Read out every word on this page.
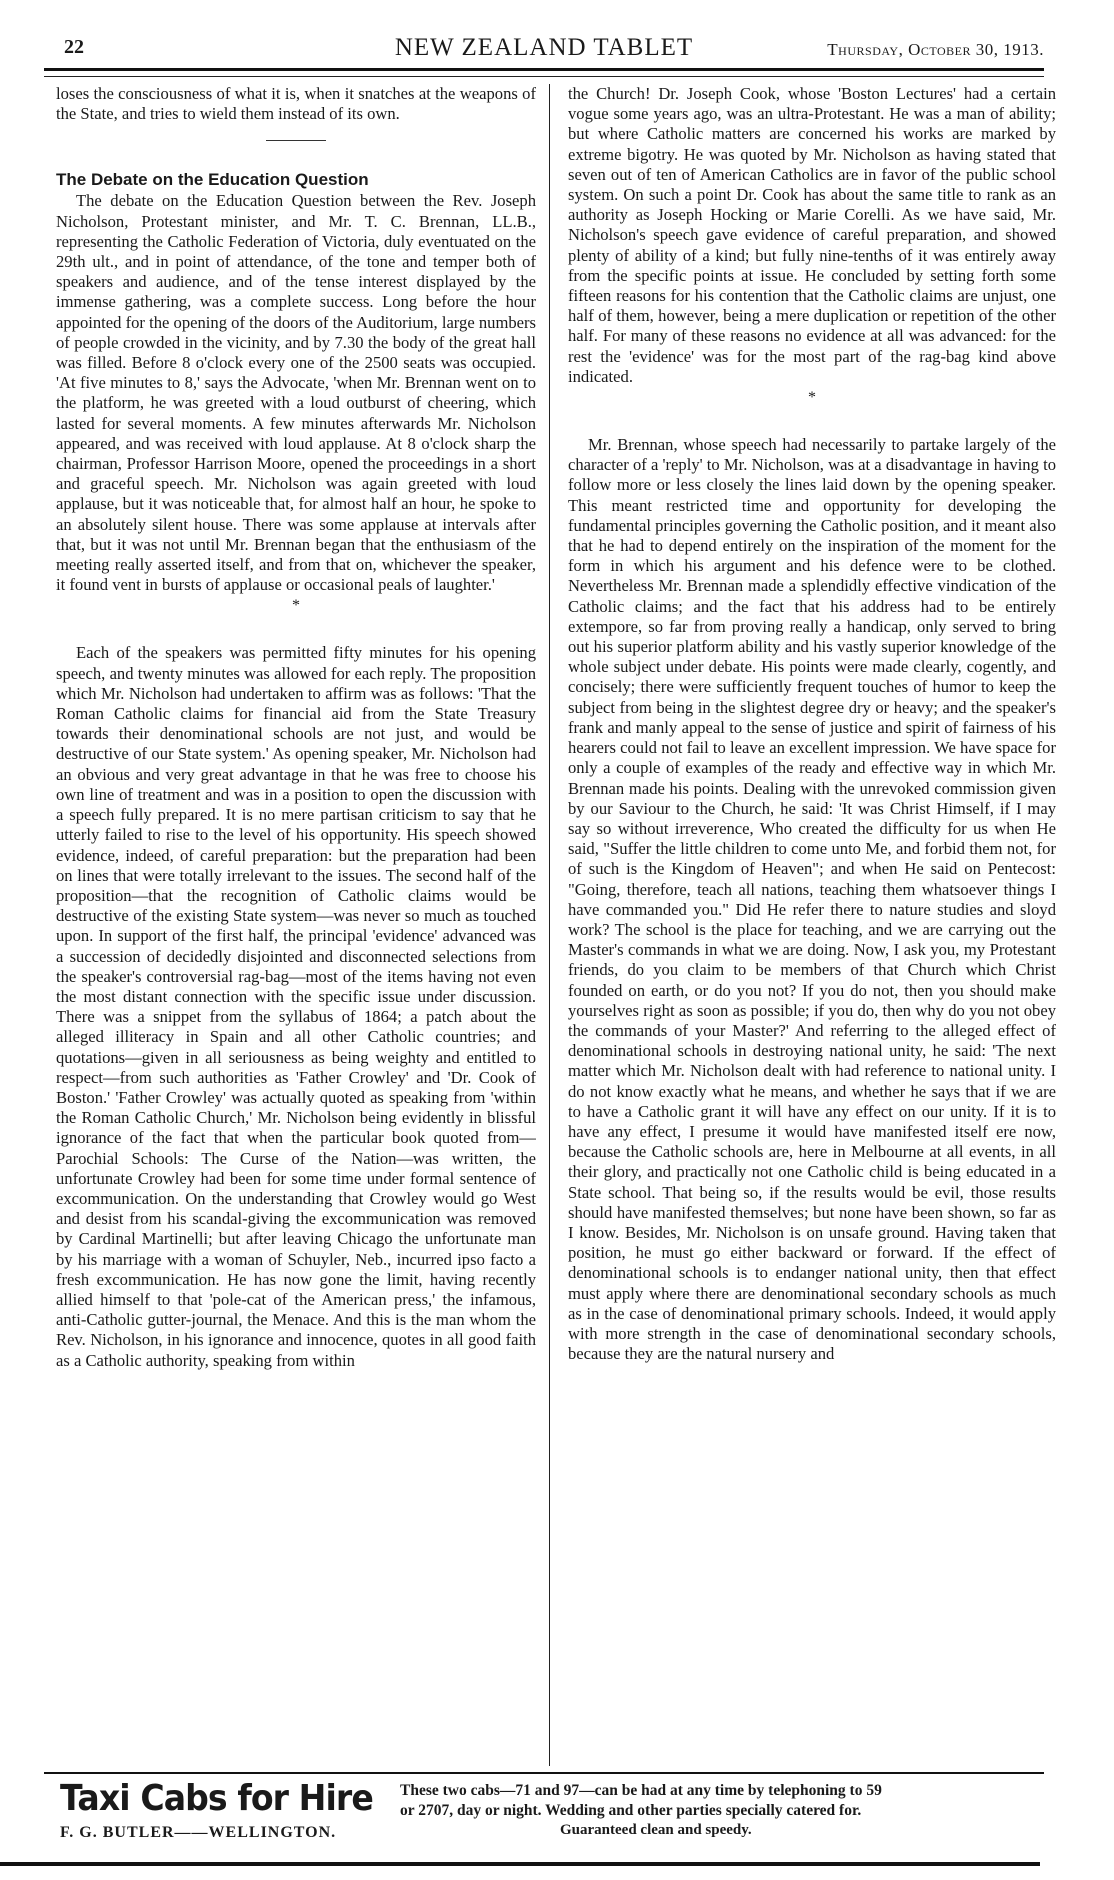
22	NEW ZEALAND TABLET	Thursday, October 30, 1913.

loses the consciousness of what it is, when it snatches at the weapons of the State, and tries to wield them instead of its own.

The Debate on the Education Question

The debate on the Education Question between the Rev. Joseph Nicholson, Protestant minister, and Mr. T. C. Brennan, LL.B., representing the Catholic Federation of Victoria, duly eventuated on the 29th ult., and in point of attendance, of the tone and temper both of speakers and audience, and of the tense interest displayed by the immense gathering, was a complete success. Long before the hour appointed for the opening of the doors of the Auditorium, large numbers of people crowded in the vicinity, and by 7.30 the body of the great hall was filled. Before 8 o'clock every one of the 2500 seats was occupied. 'At five minutes to 8,' says the Advocate, 'when Mr. Brennan went on to the platform, he was greeted with a loud outburst of cheering, which lasted for several moments. A few minutes afterwards Mr. Nicholson appeared, and was received with loud applause. At 8 o'clock sharp the chairman, Professor Harrison Moore, opened the proceedings in a short and graceful speech. Mr. Nicholson was again greeted with loud applause, but it was noticeable that, for almost half an hour, he spoke to an absolutely silent house. There was some applause at intervals after that, but it was not until Mr. Brennan began that the enthusiasm of the meeting really asserted itself, and from that on, whichever the speaker, it found vent in bursts of applause or occasional peals of laughter.'

*

Each of the speakers was permitted fifty minutes for his opening speech, and twenty minutes was allowed for each reply. The proposition which Mr. Nicholson had undertaken to affirm was as follows: 'That the Roman Catholic claims for financial aid from the State Treasury towards their denominational schools are not just, and would be destructive of our State system.' As opening speaker, Mr. Nicholson had an obvious and very great advantage in that he was free to choose his own line of treatment and was in a position to open the discussion with a speech fully prepared. It is no mere partisan criticism to say that he utterly failed to rise to the level of his opportunity. His speech showed evidence, indeed, of careful preparation: but the preparation had been on lines that were totally irrelevant to the issues. The second half of the proposition—that the recognition of Catholic claims would be destructive of the existing State system—was never so much as touched upon. In support of the first half, the principal 'evidence' advanced was a succession of decidedly disjointed and disconnected selections from the speaker's controversial rag-bag—most of the items having not even the most distant connection with the specific issue under discussion. There was a snippet from the syllabus of 1864; a patch about the alleged illiteracy in Spain and all other Catholic countries; and quotations—given in all seriousness as being weighty and entitled to respect—from such authorities as 'Father Crowley' and 'Dr. Cook of Boston.' 'Father Crowley' was actually quoted as speaking from 'within the Roman Catholic Church,' Mr. Nicholson being evidently in blissful ignorance of the fact that when the particular book quoted from—Parochial Schools: The Curse of the Nation—was written, the unfortunate Crowley had been for some time under formal sentence of excommunication. On the understanding that Crowley would go West and desist from his scandal-giving the excommunication was removed by Cardinal Martinelli; but after leaving Chicago the unfortunate man by his marriage with a woman of Schuyler, Neb., incurred ipso facto a fresh excommunication. He has now gone the limit, having recently allied himself to that 'pole-cat of the American press,' the infamous, anti-Catholic gutter-journal, the Menace. And this is the man whom the Rev. Nicholson, in his ignorance and innocence, quotes in all good faith as a Catholic authority, speaking from within

the Church! Dr. Joseph Cook, whose 'Boston Lectures' had a certain vogue some years ago, was an ultra-Protestant. He was a man of ability; but where Catholic matters are concerned his works are marked by extreme bigotry. He was quoted by Mr. Nicholson as having stated that seven out of ten of American Catholics are in favor of the public school system. On such a point Dr. Cook has about the same title to rank as an authority as Joseph Hocking or Marie Corelli. As we have said, Mr. Nicholson's speech gave evidence of careful preparation, and showed plenty of ability of a kind; but fully nine-tenths of it was entirely away from the specific points at issue. He concluded by setting forth some fifteen reasons for his contention that the Catholic claims are unjust, one half of them, however, being a mere duplication or repetition of the other half. For many of these reasons no evidence at all was advanced: for the rest the 'evidence' was for the most part of the rag-bag kind above indicated.

*

Mr. Brennan, whose speech had necessarily to partake largely of the character of a 'reply' to Mr. Nicholson, was at a disadvantage in having to follow more or less closely the lines laid down by the opening speaker. This meant restricted time and opportunity for developing the fundamental principles governing the Catholic position, and it meant also that he had to depend entirely on the inspiration of the moment for the form in which his argument and his defence were to be clothed. Nevertheless Mr. Brennan made a splendidly effective vindication of the Catholic claims; and the fact that his address had to be entirely extempore, so far from proving really a handicap, only served to bring out his superior platform ability and his vastly superior knowledge of the whole subject under debate. His points were made clearly, cogently, and concisely; there were sufficiently frequent touches of humor to keep the subject from being in the slightest degree dry or heavy; and the speaker's frank and manly appeal to the sense of justice and spirit of fairness of his hearers could not fail to leave an excellent impression. We have space for only a couple of examples of the ready and effective way in which Mr. Brennan made his points. Dealing with the unrevoked commission given by our Saviour to the Church, he said: 'It was Christ Himself, if I may say so without irreverence, Who created the difficulty for us when He said, "Suffer the little children to come unto Me, and forbid them not, for of such is the Kingdom of Heaven"; and when He said on Pentecost: "Going, therefore, teach all nations, teaching them whatsoever things I have commanded you." Did He refer there to nature studies and sloyd work? The school is the place for teaching, and we are carrying out the Master's commands in what we are doing. Now, I ask you, my Protestant friends, do you claim to be members of that Church which Christ founded on earth, or do you not? If you do not, then you should make yourselves right as soon as possible; if you do, then why do you not obey the commands of your Master?' And referring to the alleged effect of denominational schools in destroying national unity, he said: 'The next matter which Mr. Nicholson dealt with had reference to national unity. I do not know exactly what he means, and whether he says that if we are to have a Catholic grant it will have any effect on our unity. If it is to have any effect, I presume it would have manifested itself ere now, because the Catholic schools are, here in Melbourne at all events, in all their glory, and practically not one Catholic child is being educated in a State school. That being so, if the results would be evil, those results should have manifested themselves; but none have been shown, so far as I know. Besides, Mr. Nicholson is on unsafe ground. Having taken that position, he must go either backward or forward. If the effect of denominational schools is to endanger national unity, then that effect must apply where there are denominational secondary schools as much as in the case of denominational primary schools. Indeed, it would apply with more strength in the case of denominational secondary schools, because they are the natural nursery and

Taxi Cabs for Hire
F. G. BUTLER——WELLINGTON.
These two cabs—71 and 97—can be had at any time by telephoning to 59
or 2707, day or night. Wedding and other parties specially catered for.
Guaranteed clean and speedy.
